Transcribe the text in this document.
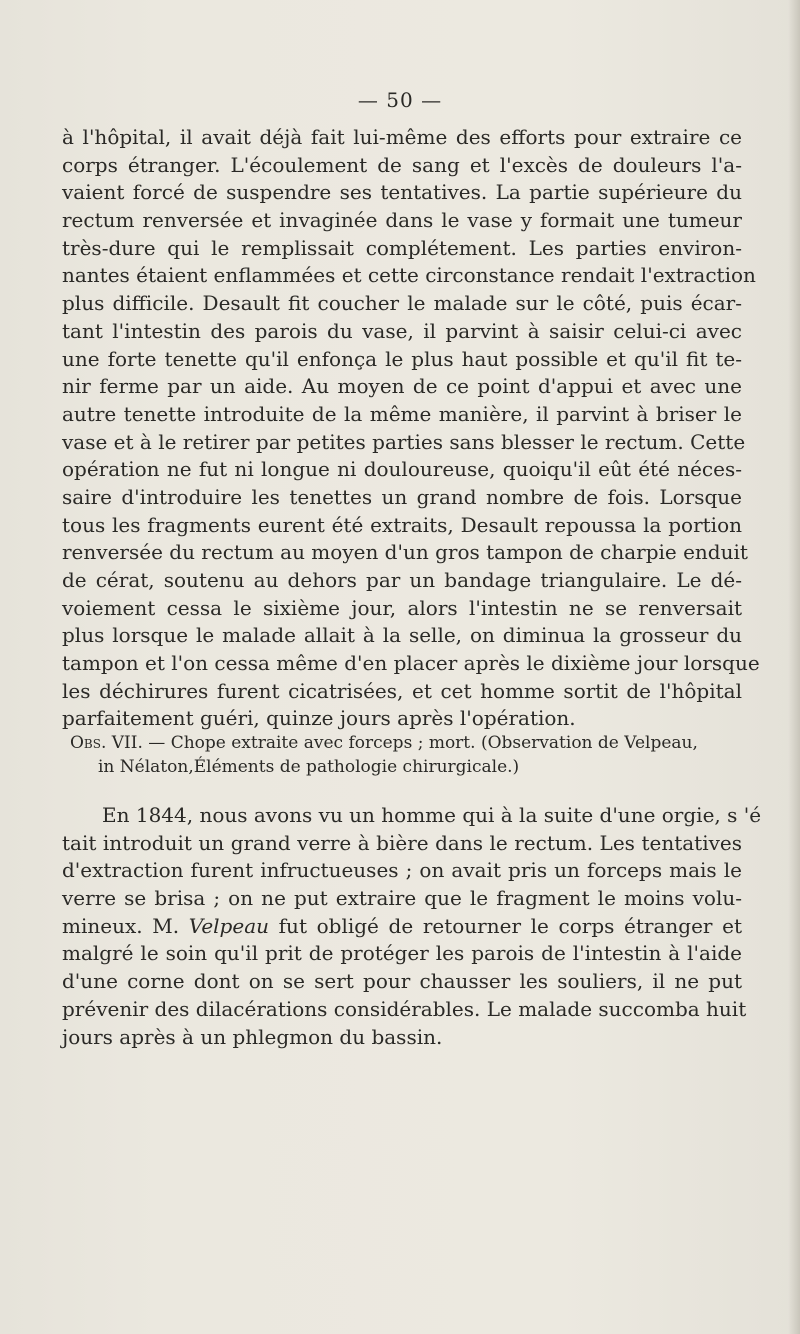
— 50 —
à l'hôpital, il avait déjà fait lui-même des efforts pour extraire ce
corps étranger. L'écoulement de sang et l'excès de douleurs l'a-
vaient forcé de suspendre ses tentatives. La partie supérieure du
rectum renversée et invaginée dans le vase y formait une tumeur
très-dure qui le remplissait complétement. Les parties environ-
nantes étaient enflammées et cette circonstance rendait l'extraction
plus difficile. Desault fit coucher le malade sur le côté, puis écar-
tant l'intestin des parois du vase, il parvint à saisir celui-ci avec
une forte tenette qu'il enfonça le plus haut possible et qu'il fit te-
nir ferme par un aide. Au moyen de ce point d'appui et avec une
autre tenette introduite de la même manière, il parvint à briser le
vase et à le retirer par petites parties sans blesser le rectum. Cette
opération ne fut ni longue ni douloureuse, quoiqu'il eût été néces-
saire d'introduire les tenettes un grand nombre de fois. Lorsque
tous les fragments eurent été extraits, Desault repoussa la portion
renversée du rectum au moyen d'un gros tampon de charpie enduit
de cérat, soutenu au dehors par un bandage triangulaire. Le dé-
voiement cessa le sixième jour, alors l'intestin ne se renversait
plus lorsque le malade allait à la selle, on diminua la grosseur du
tampon et l'on cessa même d'en placer après le dixième jour lorsque
les déchirures furent cicatrisées, et cet homme sortit de l'hôpital
parfaitement guéri, quinze jours après l'opération.
Obs. VII. — Chope extraite avec forceps ; mort. (Observation de Velpeau,
in Nélaton,Éléments de pathologie chirurgicale.)
En 1844, nous avons vu un homme qui à la suite d'une orgie, s 'é
tait introduit un grand verre à bière dans le rectum. Les tentatives
d'extraction furent infructueuses ; on avait pris un forceps mais le
verre se brisa ; on ne put extraire que le fragment le moins volu-
mineux. M. Velpeau fut obligé de retourner le corps étranger et
malgré le soin qu'il prit de protéger les parois de l'intestin à l'aide
d'une corne dont on se sert pour chausser les souliers, il ne put
prévenir des dilacérations considérables. Le malade succomba huit
jours après à un phlegmon du bassin.
